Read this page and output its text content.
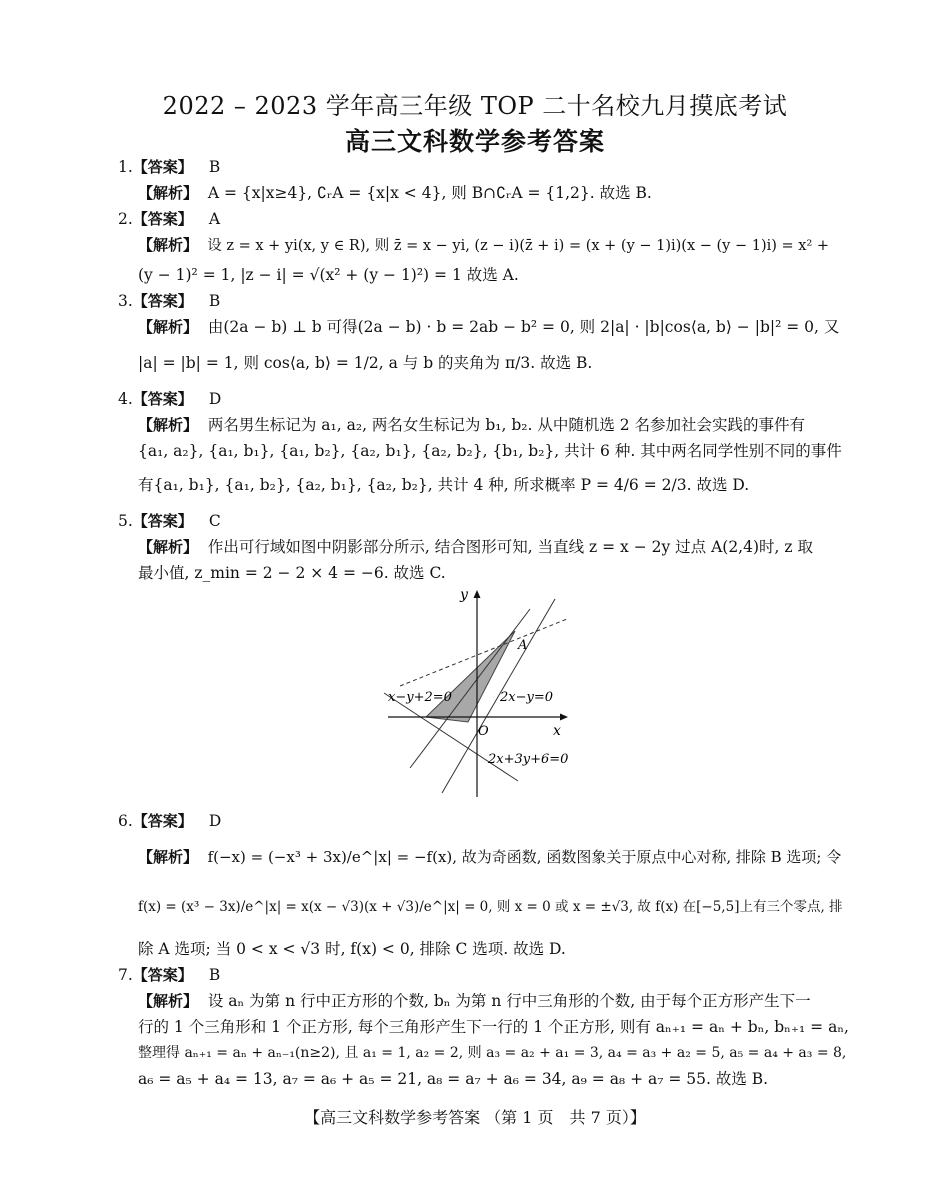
2022 – 2023 学年高三年级 TOP 二十名校九月摸底考试
高三文科数学参考答案
1.【答案】 B
【解析】 A = {x|x≥4}, ∁ᵣA = {x|x < 4}, 则 B∩∁ᵣA = {1,2}. 故选 B.
2.【答案】 A
【解析】 设 z = x + yi(x, y ∈ R), 则 z̄ = x − yi, (z − i)(z̄ + i) = (x + (y − 1)i)(x − (y − 1)i) = x² +
(y − 1)² = 1, |z − i| = √(x² + (y − 1)²) = 1 故选 A.
3.【答案】 B
【解析】 由(2a − b) ⊥ b 可得(2a − b) · b = 2ab − b² = 0, 则 2|a| · |b|cos⟨a, b⟩ − |b|² = 0, 又
|a| = |b| = 1, 则 cos⟨a, b⟩ = 1/2, a 与 b 的夹角为 π/3. 故选 B.
4.【答案】 D
【解析】 两名男生标记为 a₁, a₂, 两名女生标记为 b₁, b₂. 从中随机选 2 名参加社会实践的事件有
{a₁, a₂}, {a₁, b₁}, {a₁, b₂}, {a₂, b₁}, {a₂, b₂}, {b₁, b₂}, 共计 6 种. 其中两名同学性别不同的事件
有{a₁, b₁}, {a₁, b₂}, {a₂, b₁}, {a₂, b₂}, 共计 4 种, 所求概率 P = 4/6 = 2/3. 故选 D.
5.【答案】 C
【解析】 作出可行域如图中阴影部分所示, 结合图形可知, 当直线 z = x − 2y 过点 A(2,4)时, z 取
最小值, z_min = 2 − 2 × 4 = −6. 故选 C.
y
x
O
A
x−y+2=0	2x−y=0
2x+3y+6=0
6.【答案】 D
【解析】 f(−x) = (−x³ + 3x)/e^|x| = −f(x), 故为奇函数, 函数图象关于原点中心对称, 排除 B 选项; 令
f(x) = (x³ − 3x)/e^|x| = x(x − √3)(x + √3)/e^|x| = 0, 则 x = 0 或 x = ±√3, 故 f(x) 在[−5,5]上有三个零点, 排
除 A 选项; 当 0 < x < √3 时, f(x) < 0, 排除 C 选项. 故选 D.
7.【答案】 B
【解析】 设 aₙ 为第 n 行中正方形的个数, bₙ 为第 n 行中三角形的个数, 由于每个正方形产生下一
行的 1 个三角形和 1 个正方形, 每个三角形产生下一行的 1 个正方形, 则有 aₙ₊₁ = aₙ + bₙ, bₙ₊₁ = aₙ,
整理得 aₙ₊₁ = aₙ + aₙ₋₁(n≥2), 且 a₁ = 1, a₂ = 2, 则 a₃ = a₂ + a₁ = 3, a₄ = a₃ + a₂ = 5, a₅ = a₄ + a₃ = 8,
a₆ = a₅ + a₄ = 13, a₇ = a₆ + a₅ = 21, a₈ = a₇ + a₆ = 34, a₉ = a₈ + a₇ = 55. 故选 B.
【高三文科数学参考答案 （第 1 页　共 7 页）】
